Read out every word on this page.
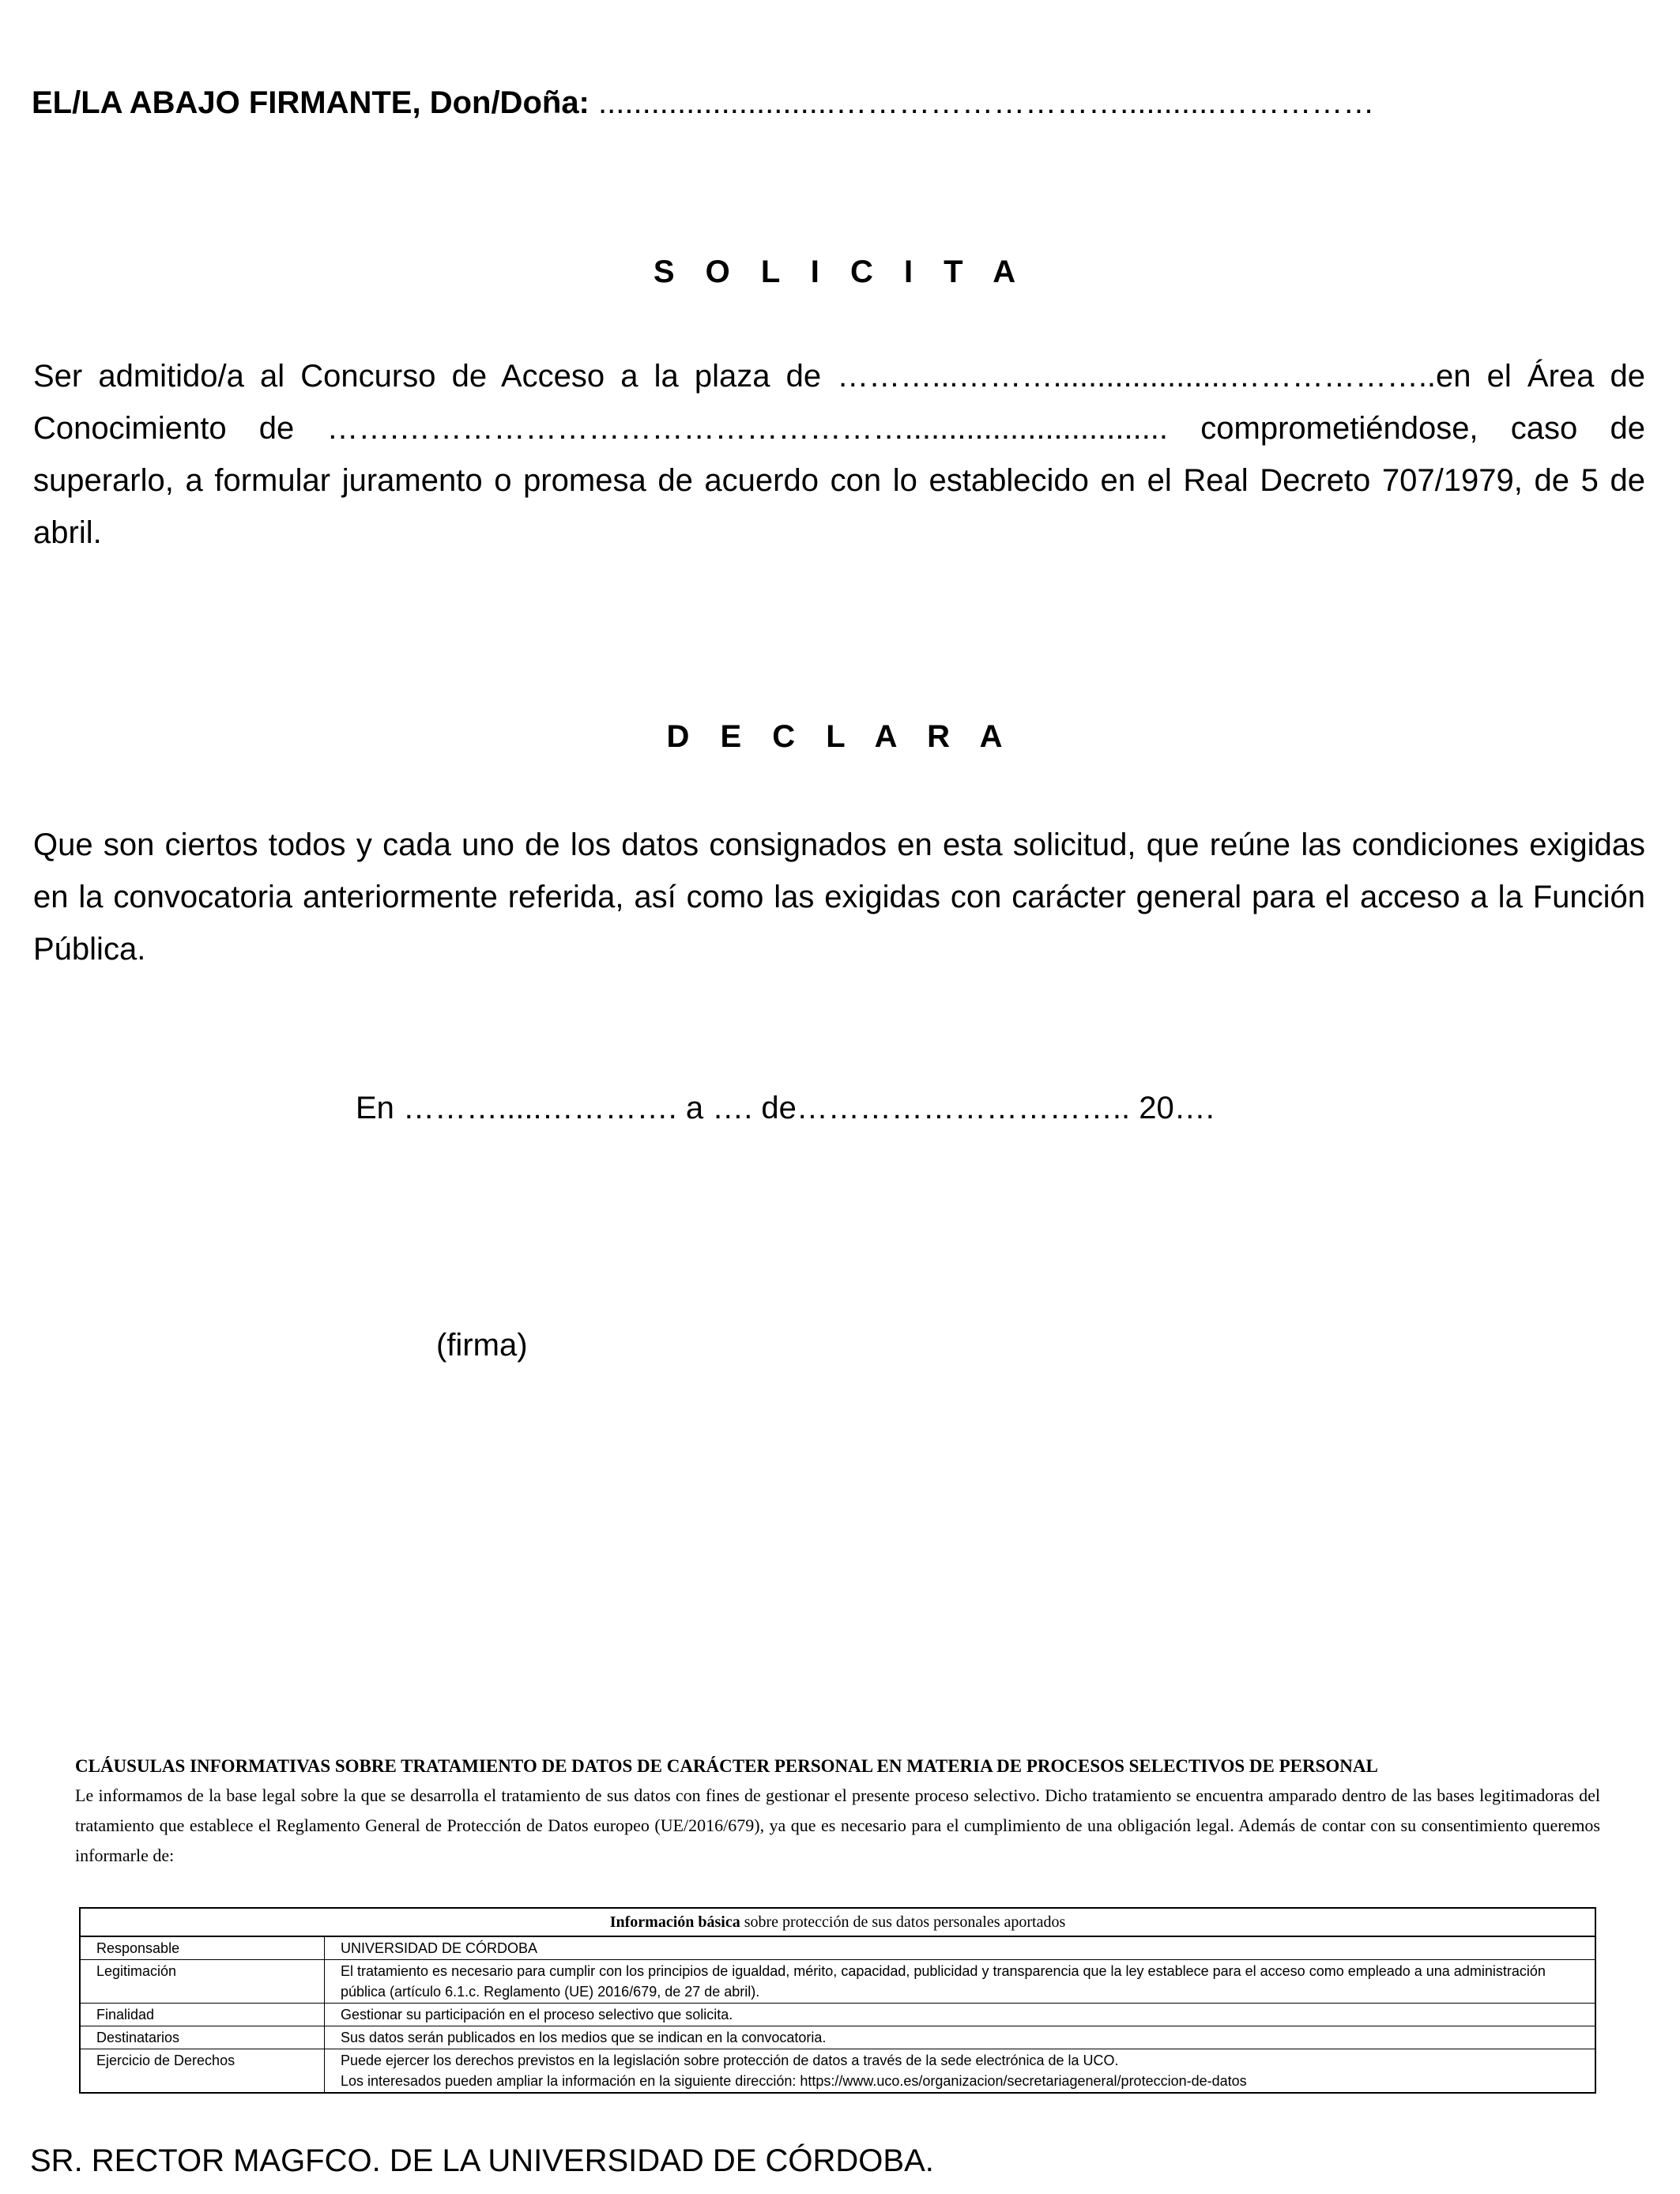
EL/LA ABAJO FIRMANTE, Don/Doña: ...........................………………………...........……………
S O L I C I T A
Ser admitido/a al Concurso de Acceso a la plaza de ………...………....................………………..en el Área de Conocimiento de …….………………………………………….............................. comprometiéndose, caso de superarlo, a formular juramento o promesa de acuerdo con lo establecido en el Real Decreto 707/1979, de 5 de abril.
D E C L A R A
Que son ciertos todos y cada uno de los datos consignados en esta solicitud, que reúne las condiciones exigidas en la convocatoria anteriormente referida, así como las exigidas con carácter general para el acceso a la Función Pública.
En ……….....…………. a …. de………………………….. 20….
(firma)
CLÁUSULAS INFORMATIVAS SOBRE TRATAMIENTO DE DATOS DE CARÁCTER PERSONAL EN MATERIA DE PROCESOS SELECTIVOS DE PERSONAL
Le informamos de la base legal sobre la que se desarrolla el tratamiento de sus datos con fines de gestionar el presente proceso selectivo. Dicho tratamiento se encuentra amparado dentro de las bases legitimadoras del tratamiento que establece el Reglamento General de Protección de Datos europeo (UE/2016/679), ya que es necesario para el cumplimiento de una obligación legal. Además de contar con su consentimiento queremos informarle de:
Información básica sobre protección de sus datos personales aportados	
Responsable	UNIVERSIDAD DE CÓRDOBA
Legitimación	El tratamiento es necesario para cumplir con los principios de igualdad, mérito, capacidad, publicidad y transparencia que la ley establece para el acceso como empleado a una administración pública (artículo 6.1.c. Reglamento (UE) 2016/679, de 27 de abril).
Finalidad	Gestionar su participación en el proceso selectivo que solicita.
Destinatarios	Sus datos serán publicados en los medios que se indican en la convocatoria.
Ejercicio de Derechos	Puede ejercer los derechos previstos en la legislación sobre protección de datos a través de la sede electrónica de la UCO.
Los interesados pueden ampliar la información en la siguiente dirección: https://www.uco.es/organizacion/secretariageneral/proteccion-de-datos
SR. RECTOR MAGFCO. DE LA UNIVERSIDAD DE CÓRDOBA.
